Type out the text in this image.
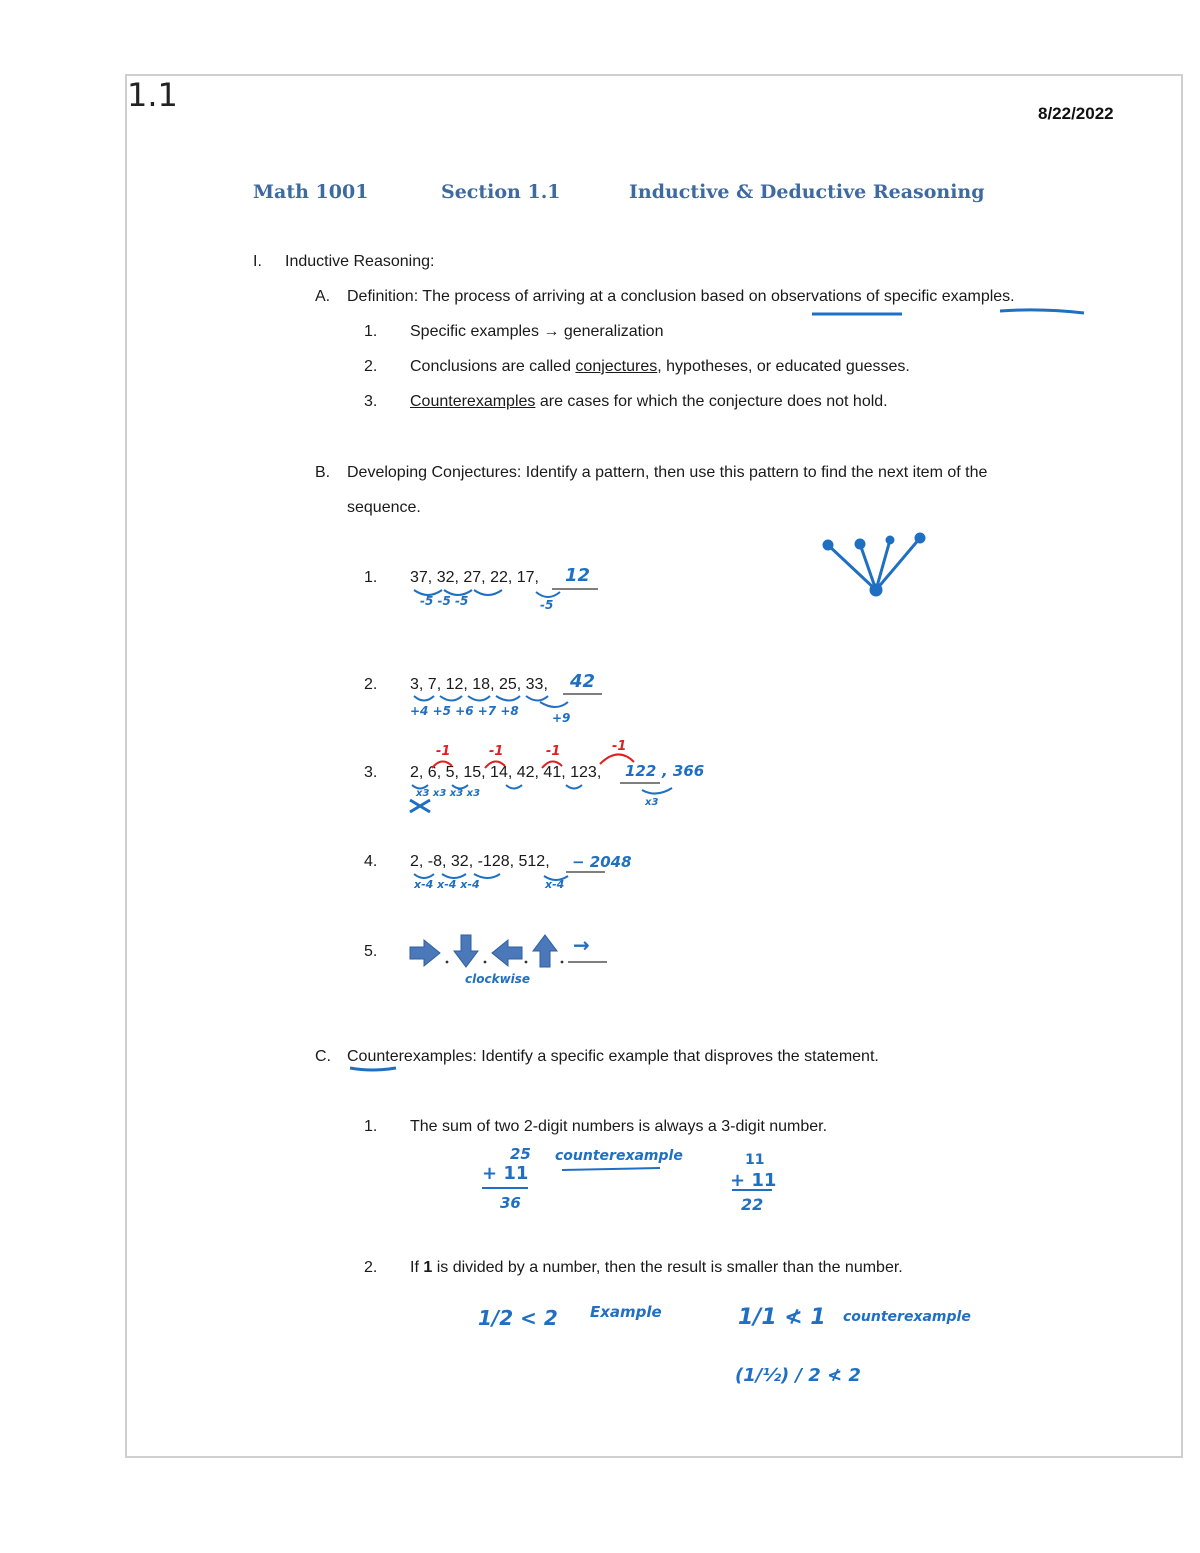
1.1	8/22/2022
Math 1001	Section 1.1	Inductive & Deductive Reasoning
I. Inductive Reasoning:
A. Definition: The process of arriving at a conclusion based on observations of specific examples.
1. Specific examples → generalization
2. Conclusions are called conjectures, hypotheses, or educated guesses.
3. Counterexamples are cases for which the conjecture does not hold.
B. Developing Conjectures: Identify a pattern, then use this pattern to find the next item of the
sequence.
1. 37, 32, 27, 22, 17, 12
-5 -5 -5	-5
2. 3, 7, 12, 18, 25, 33, 42
+4 +5 +6 +7 +8	+9
-1	-1	-1	-1
3. 2, 6, 5, 15, 14, 42, 41, 123, 122 , 366
x3 x3 x3 x3
x3
4. 2, -8, 32, -128, 512, − 2048
x-4 x-4 x-4	x-4
5.
clockwise
→
C. Counterexamples: Identify a specific example that disproves the statement.
1. The sum of two 2-digit numbers is always a 3-digit number.
25
+ 11
36
counterexample	11
+ 11
22
2. If 1 is divided by a number, then the result is smaller than the number.
1/2 < 2 Example	1/1 ≮ 1 counterexample
(1/½) / 2 ≮ 2
